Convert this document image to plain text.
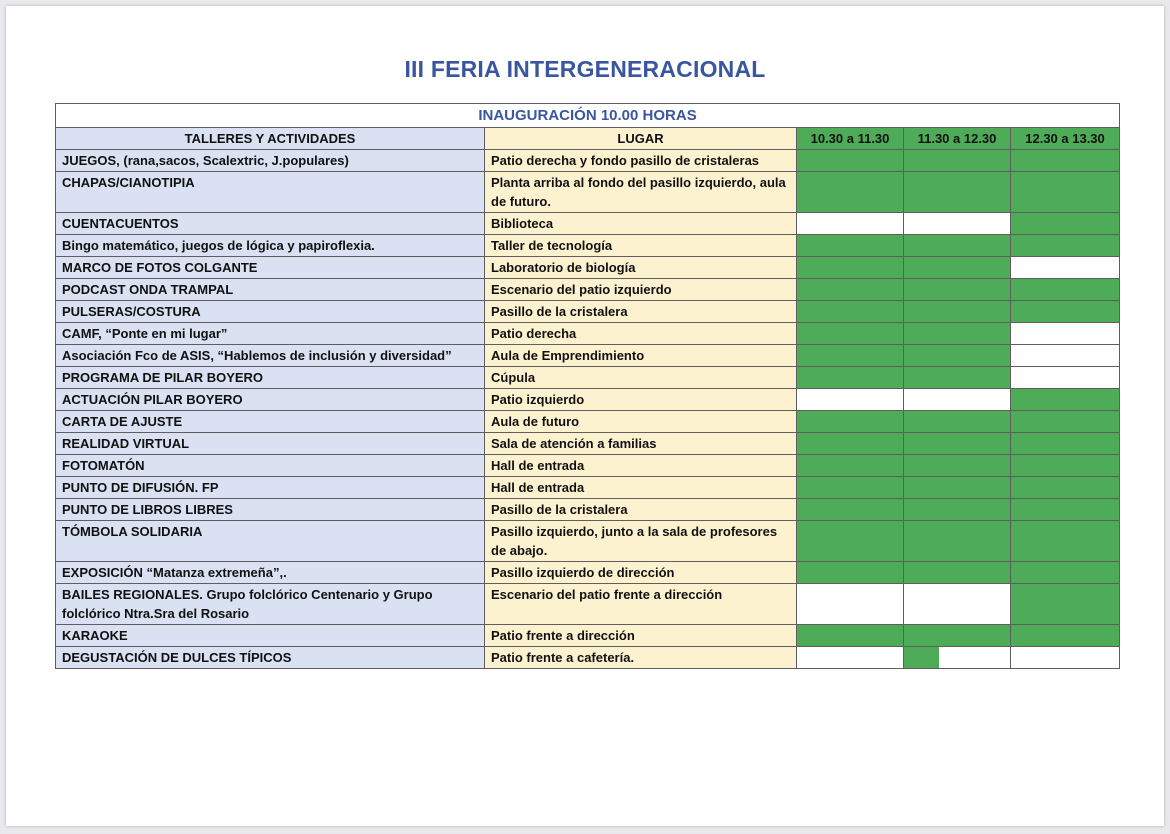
III FERIA INTERGENERACIONAL
INAUGURACIÓN 10.00 HORAS				
TALLERES Y ACTIVIDADES	LUGAR	10.30 a 11.30	11.30 a 12.30	12.30 a 13.30
JUEGOS, (rana,sacos, Scalextric, J.populares)	Patio derecha y fondo pasillo de cristaleras			
CHAPAS/CIANOTIPIA	Planta arriba al fondo del pasillo izquierdo, aula de futuro.			
CUENTACUENTOS	Biblioteca			
Bingo matemático, juegos de lógica y papiroflexia.	Taller de tecnología			
MARCO DE FOTOS COLGANTE	Laboratorio de biología			
PODCAST ONDA TRAMPAL	Escenario del patio izquierdo			
PULSERAS/COSTURA	Pasillo de la cristalera			
CAMF, “Ponte en mi lugar”	Patio derecha			
Asociación Fco de ASIS, “Hablemos de inclusión y diversidad”	Aula de Emprendimiento			
PROGRAMA DE PILAR BOYERO	Cúpula			
ACTUACIÓN PILAR BOYERO	Patio izquierdo			
CARTA DE AJUSTE	Aula de futuro			
REALIDAD VIRTUAL	Sala de atención a familias			
FOTOMATÓN	Hall de entrada			
PUNTO DE DIFUSIÓN. FP	Hall de entrada			
PUNTO DE LIBROS LIBRES	Pasillo de la cristalera			
TÓMBOLA SOLIDARIA	Pasillo izquierdo, junto a la sala de profesores de abajo.			
EXPOSICIÓN “Matanza extremeña”,.	Pasillo izquierdo de dirección			
BAILES REGIONALES. Grupo folclórico Centenario y Grupo folclórico Ntra.Sra del Rosario	Escenario del patio frente a dirección			
KARAOKE	Patio frente a dirección			
DEGUSTACIÓN DE DULCES TÍPICOS	Patio frente a cafetería.		
